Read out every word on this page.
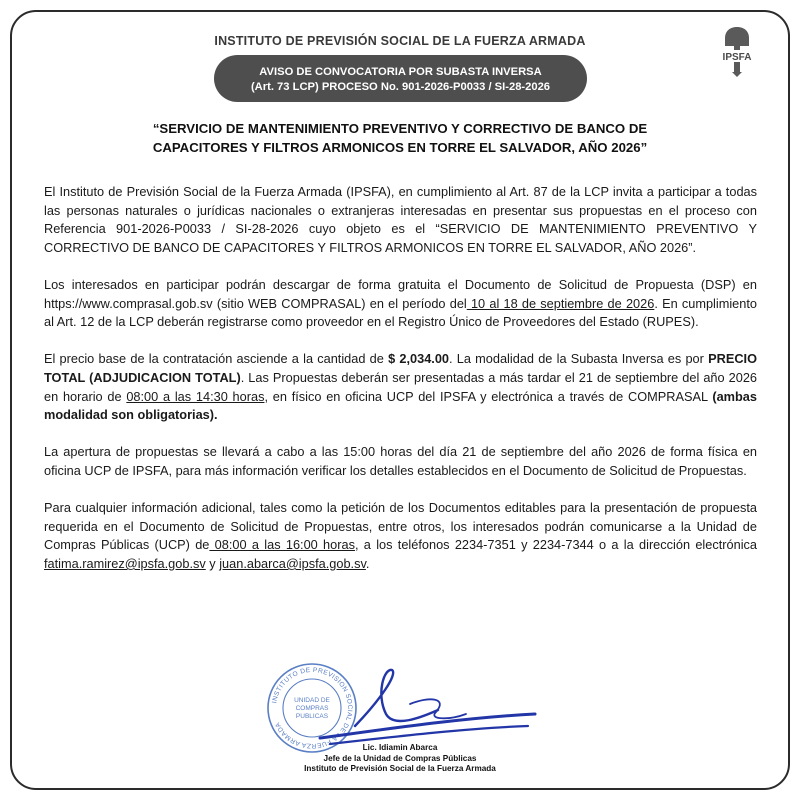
INSTITUTO DE PREVISIÓN SOCIAL DE LA FUERZA ARMADA
IPSFA
AVISO DE CONVOCATORIA POR SUBASTA INVERSA
(Art. 73 LCP) PROCESO No. 901-2026-P0033 / SI-28-2026
“SERVICIO DE MANTENIMIENTO PREVENTIVO Y CORRECTIVO DE BANCO DE
CAPACITORES Y FILTROS ARMONICOS EN TORRE EL SALVADOR, AÑO 2026”

El Instituto de Previsión Social de la Fuerza Armada (IPSFA), en cumplimiento al Art. 87 de la LCP invita a participar a todas las personas naturales o jurídicas nacionales o extranjeras interesadas en presentar sus propuestas en el proceso con Referencia 901-2026-P0033 / SI-28-2026 cuyo objeto es el “SERVICIO DE MANTENIMIENTO PREVENTIVO Y CORRECTIVO DE BANCO DE CAPACITORES Y FILTROS ARMONICOS EN TORRE EL SALVADOR, AÑO 2026”.

Los interesados en participar podrán descargar de forma gratuita el Documento de Solicitud de Propuesta (DSP) en https://www.comprasal.gob.sv (sitio WEB COMPRASAL) en el período del 10 al 18 de septiembre de 2026. En cumplimiento al Art. 12 de la LCP deberán registrarse como proveedor en el Registro Único de Proveedores del Estado (RUPES).

El precio base de la contratación asciende a la cantidad de $ 2,034.00. La modalidad de la Subasta Inversa es por PRECIO TOTAL (ADJUDICACION TOTAL). Las Propuestas deberán ser presentadas a más tardar el 21 de septiembre del año 2026 en horario de 08:00 a las 14:30 horas, en físico en oficina UCP del IPSFA y electrónica a través de COMPRASAL (ambas modalidad son obligatorias).

La apertura de propuestas se llevará a cabo a las 15:00 horas del día 21 de septiembre del año 2026 de forma física en oficina UCP de IPSFA, para más información verificar los detalles establecidos en el Documento de Solicitud de Propuestas.

Para cualquier información adicional, tales como la petición de los Documentos editables para la presentación de propuesta requerida en el Documento de Solicitud de Propuestas, entre otros, los interesados podrán comunicarse a la Unidad de Compras Públicas (UCP) de 08:00 a las 16:00 horas, a los teléfonos 2234-7351 y 2234-7344 o a la dirección electrónica fatima.ramirez@ipsfa.gob.sv y juan.abarca@ipsfa.gob.sv.

INSTITUTO DE PREVISION SOCIAL DE LA FUERZA ARMADA
UNIDAD DE
COMPRAS
PUBLICAS
Lic. Idiamin Abarca
Jefe de la Unidad de Compras Públicas
Instituto de Previsión Social de la Fuerza Armada
